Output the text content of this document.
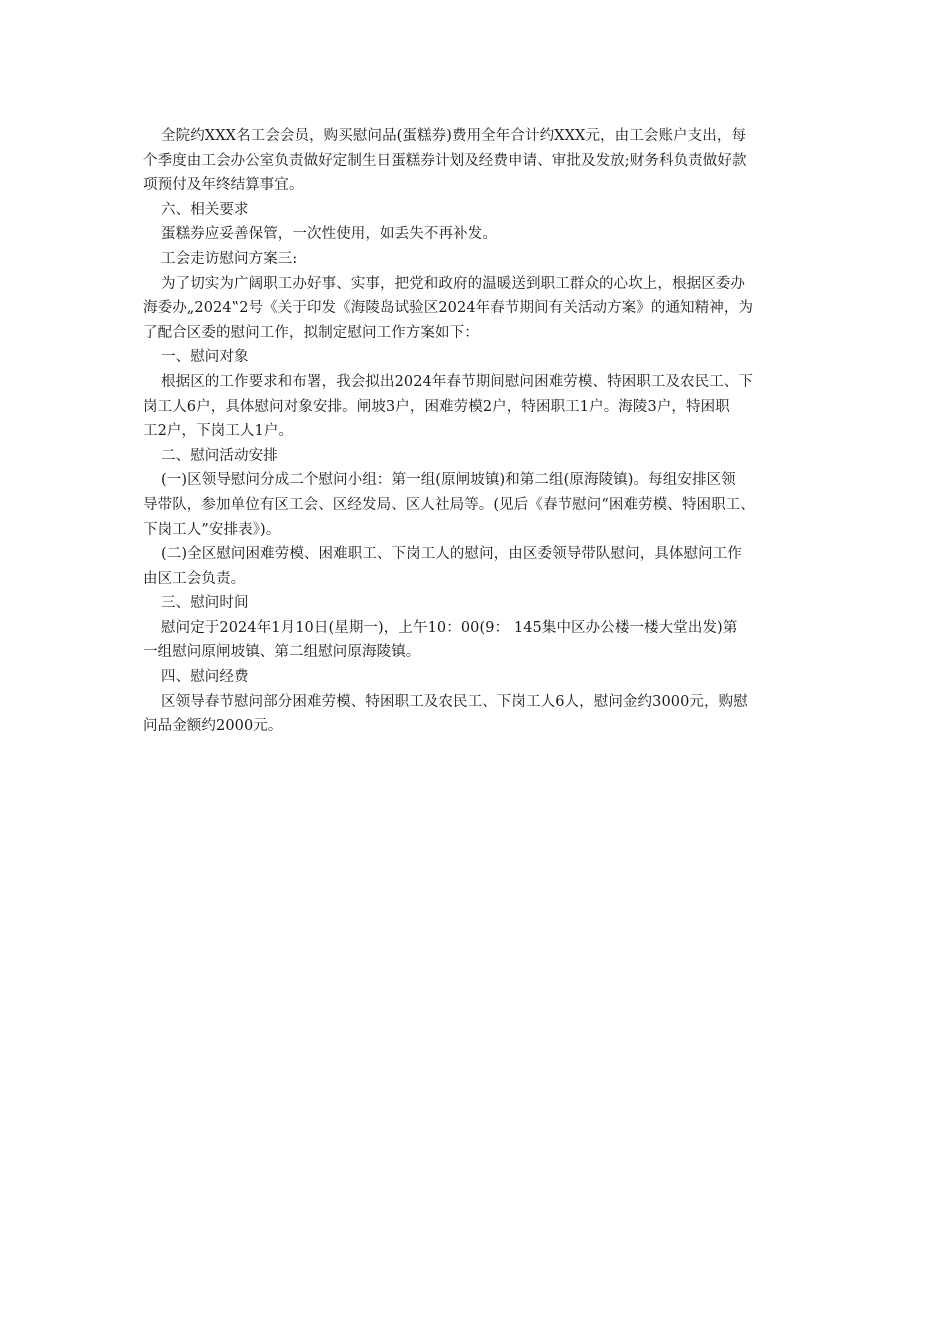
全院约XXX名工会会员，购买慰问品(蛋糕券)费用全年合计约XXX元，由工会账户支出，每
个季度由工会办公室负责做好定制生日蛋糕券计划及经费申请、审批及发放;财务科负责做好款
项预付及年终结算事宜。
六、相关要求
蛋糕券应妥善保管，一次性使用，如丢失不再补发。
工会走访慰问方案三:
为了切实为广阔职工办好事、实事，把党和政府的温暖送到职工群众的心坎上，根据区委办
海委办„2024‟2号《关于印发《海陵岛试验区2024年春节期间有关活动方案》的通知精神，为
了配合区委的慰问工作，拟制定慰问工作方案如下：
一、慰问对象
根据区的工作要求和布署，我会拟出2024年春节期间慰问困难劳模、特困职工及农民工、下
岗工人6户，具体慰问对象安排。闸坡3户，困难劳模2户，特困职工1户。海陵3户，特困职
工2户，下岗工人1户。
二、慰问活动安排
(一)区领导慰问分成二个慰问小组：第一组(原闸坡镇)和第二组(原海陵镇)。每组安排区领
导带队，参加单位有区工会、区经发局、区人社局等。(见后《春节慰问“困难劳模、特困职工、
下岗工人”安排表》)。
(二)全区慰问困难劳模、困难职工、下岗工人的慰问，由区委领导带队慰问，具体慰问工作
由区工会负责。
三、慰问时间
慰问定于2024年1月10日(星期一)，上午10：00(9： 145集中区办公楼一楼大堂出发)第
一组慰问原闸坡镇、第二组慰问原海陵镇。
四、慰问经费
区领导春节慰问部分困难劳模、特困职工及农民工、下岗工人6人，慰问金约3000元，购慰
问品金额约2000元。
